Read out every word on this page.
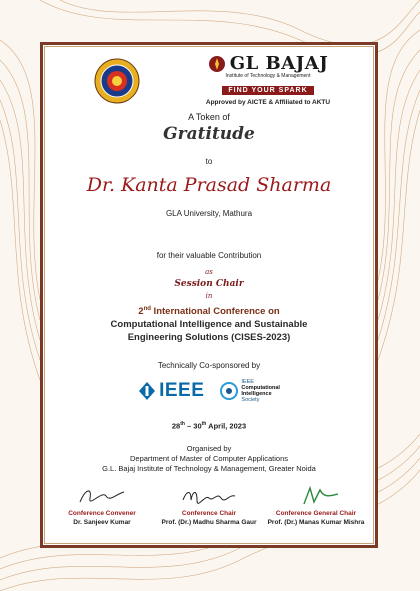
GL BAJAJ
Institute of Technology & Management
FIND YOUR SPARK
Approved by AICTE & Affiliated to AKTU
A Token of
Gratitude
to
Dr. Kanta Prasad Sharma
GLA University, Mathura
for their valuable Contribution
as
Session Chair
in
2nd International Conference on
Computational Intelligence and Sustainable
Engineering Solutions (CISES-2023)
Technically Co-sponsored by
IEEE	IEEE
Computational
Intelligence
Society
28th – 30th April, 2023
Organised by
Department of Master of Computer Applications
G.L. Bajaj Institute of Technology & Management, Greater Noida
Conference Convener
Dr. Sanjeev Kumar
Conference Chair
Prof. (Dr.) Madhu Sharma Gaur
Conference General Chair
Prof. (Dr.) Manas Kumar Mishra
